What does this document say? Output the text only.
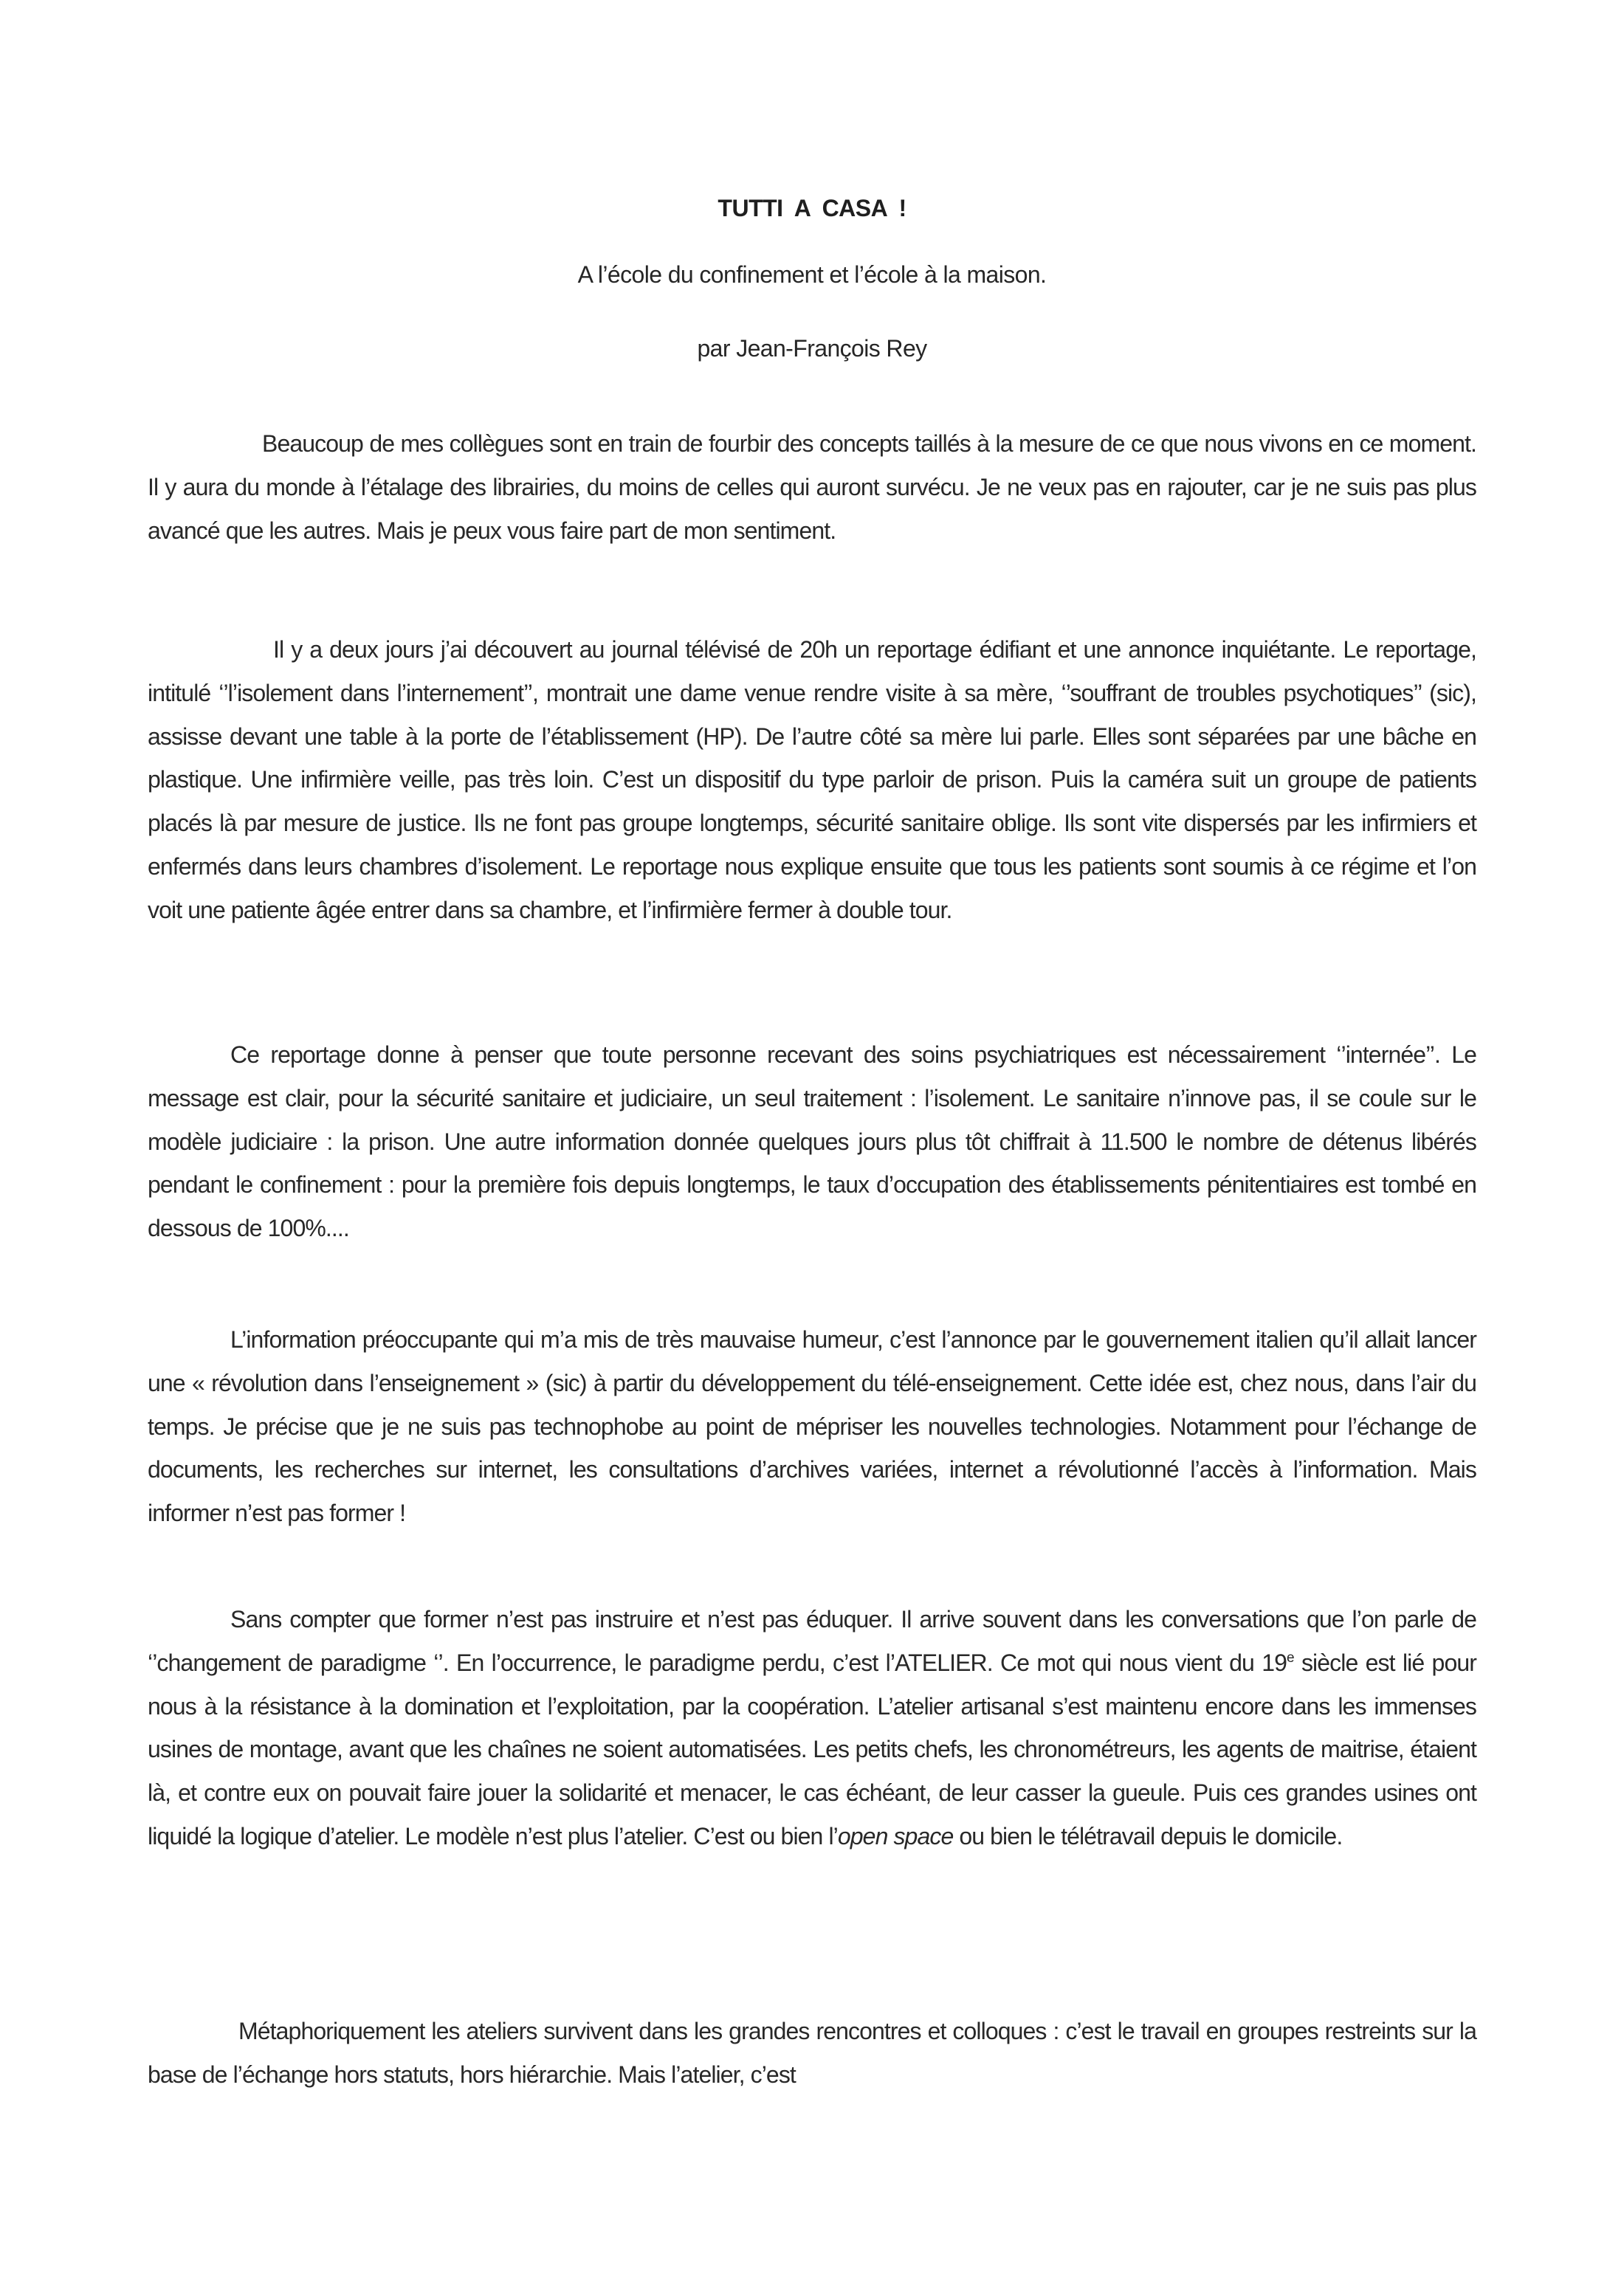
TUTTI A CASA !
A l’école du confinement et l’école à la maison.
par Jean-François Rey

Beaucoup de mes collègues sont en train de fourbir des concepts taillés à la mesure de ce que nous vivons en ce moment. Il y aura du monde à l’étalage des librairies, du moins de celles qui auront survécu. Je ne veux pas en rajouter, car je ne suis pas plus avancé que les autres. Mais je peux vous faire part de mon sentiment.

Il y a deux jours j’ai découvert au journal télévisé de 20h un reportage édifiant et une annonce inquiétante. Le reportage, intitulé ‘’l’isolement dans l’internement’’, montrait une dame venue rendre visite à sa mère, ‘’souffrant de troubles psychotiques’’ (sic), assisse devant une table à la porte de l’établissement (HP). De l’autre côté sa mère lui parle. Elles sont séparées par une bâche en plastique. Une infirmière veille, pas très loin. C’est un dispositif du type parloir de prison. Puis la caméra suit un groupe de patients placés là par mesure de justice. Ils ne font pas groupe longtemps, sécurité sanitaire oblige. Ils sont vite dispersés par les infirmiers et enfermés dans leurs chambres d’isolement. Le reportage nous explique ensuite que tous les patients sont soumis à ce régime et l’on voit une patiente âgée entrer dans sa chambre, et l’infirmière fermer à double tour.

Ce reportage donne à penser que toute personne recevant des soins psychiatriques est nécessairement ‘’internée’’. Le message est clair, pour la sécurité sanitaire et judiciaire, un seul traitement : l’isolement. Le sanitaire n’innove pas, il se coule sur le modèle judiciaire : la prison. Une autre information donnée quelques jours plus tôt chiffrait à 11.500 le nombre de détenus libérés pendant le confinement : pour la première fois depuis longtemps, le taux d’occupation des établissements pénitentiaires est tombé en dessous de 100%....

L’information préoccupante qui m’a mis de très mauvaise humeur, c’est l’annonce par le gouvernement italien qu’il allait lancer une « révolution dans l’enseignement » (sic) à partir du développement du télé-enseignement. Cette idée est, chez nous, dans l’air du temps. Je précise que je ne suis pas technophobe au point de mépriser les nouvelles technologies. Notamment pour l’échange de documents, les recherches sur internet, les consultations d’archives variées, internet a révolutionné l’accès à l’information. Mais informer n’est pas former !

Sans compter que former n’est pas instruire et n’est pas éduquer. Il arrive souvent dans les conversations que l’on parle de ‘’changement de paradigme ‘’. En l’occurrence, le paradigme perdu, c’est l’ATELIER. Ce mot qui nous vient du 19e siècle est lié pour nous à la résistance à la domination et l’exploitation, par la coopération. L’atelier artisanal s’est maintenu encore dans les immenses usines de montage, avant que les chaînes ne soient automatisées. Les petits chefs, les chronométreurs, les agents de maitrise, étaient là, et contre eux on pouvait faire jouer la solidarité et menacer, le cas échéant, de leur casser la gueule. Puis ces grandes usines ont liquidé la logique d’atelier. Le modèle n’est plus l’atelier. C’est ou bien l’open space ou bien le télétravail depuis le domicile.

Métaphoriquement les ateliers survivent dans les grandes rencontres et colloques : c’est le travail en groupes restreints sur la base de l’échange hors statuts, hors hiérarchie. Mais l’atelier, c’est
